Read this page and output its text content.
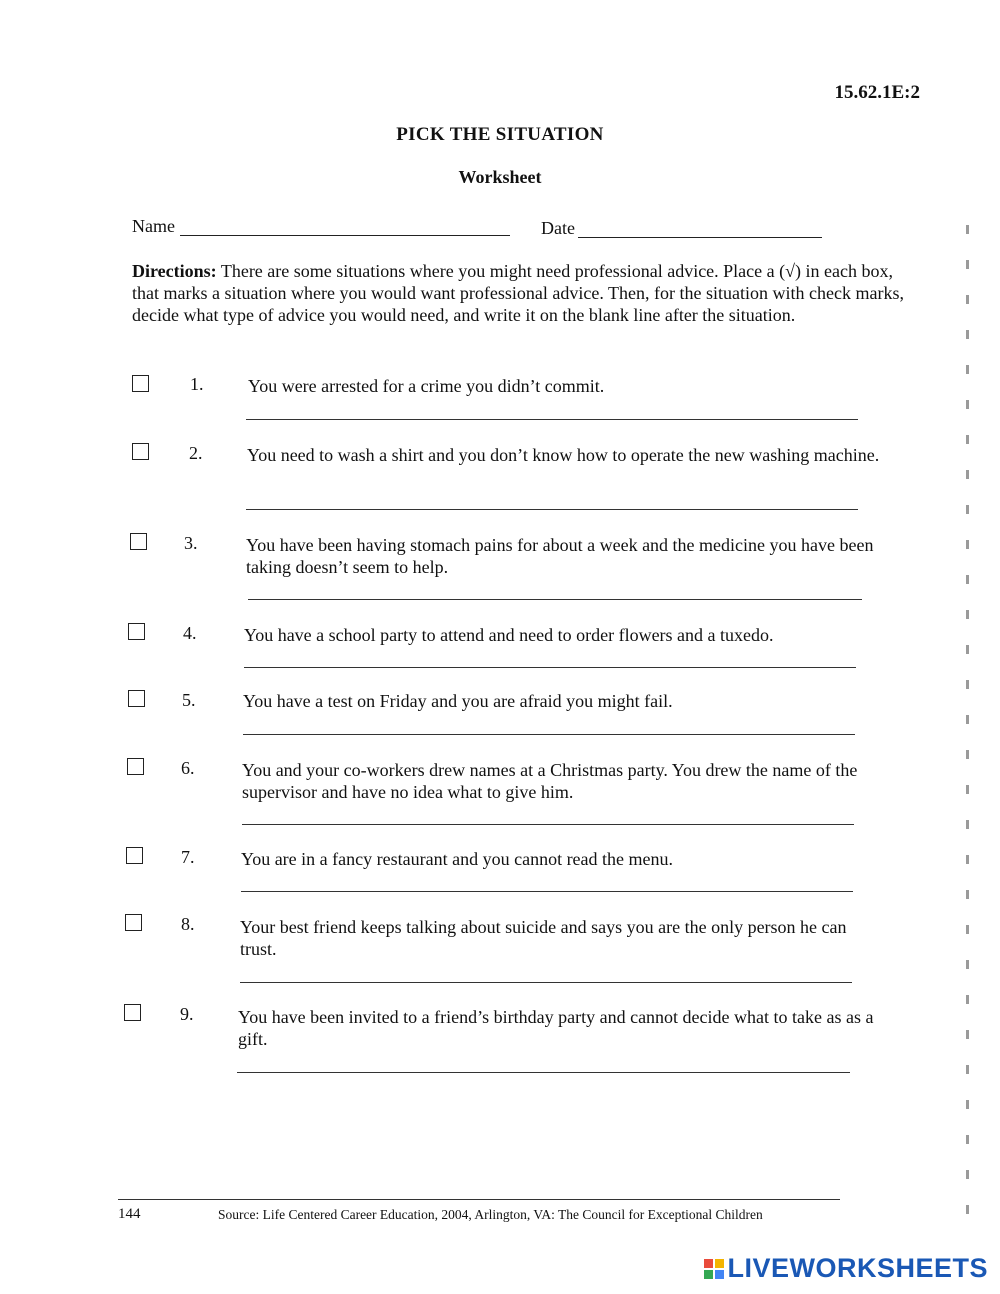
15.62.1E:2
PICK THE SITUATION
Worksheet
Name	Date
Directions: There are some situations where you might need professional advice. Place a (√) in each box, that marks a situation where you would want professional advice. Then, for the situation with check marks, decide what type of advice you would need, and write it on the blank line after the situation.
1.	You were arrested for a crime you didn’t commit.
2.	You need to wash a shirt and you don’t know how to operate the new washing machine.
3.	You have been having stomach pains for about a week and the medicine you have been taking doesn’t seem to help.
4.	You have a school party to attend and need to order flowers and a tuxedo.
5.	You have a test on Friday and you are afraid you might fail.
6.	You and your co-workers drew names at a Christmas party. You drew the name of the supervisor and have no idea what to give him.
7.	You are in a fancy restaurant and you cannot read the menu.
8.	Your best friend keeps talking about suicide and says you are the only person he can trust.
9.	You have been invited to a friend’s birthday party and cannot decide what to take as as a gift.
144	Source: Life Centered Career Education, 2004, Arlington, VA: The Council for Exceptional Children
LIVEWORKSHEETS
